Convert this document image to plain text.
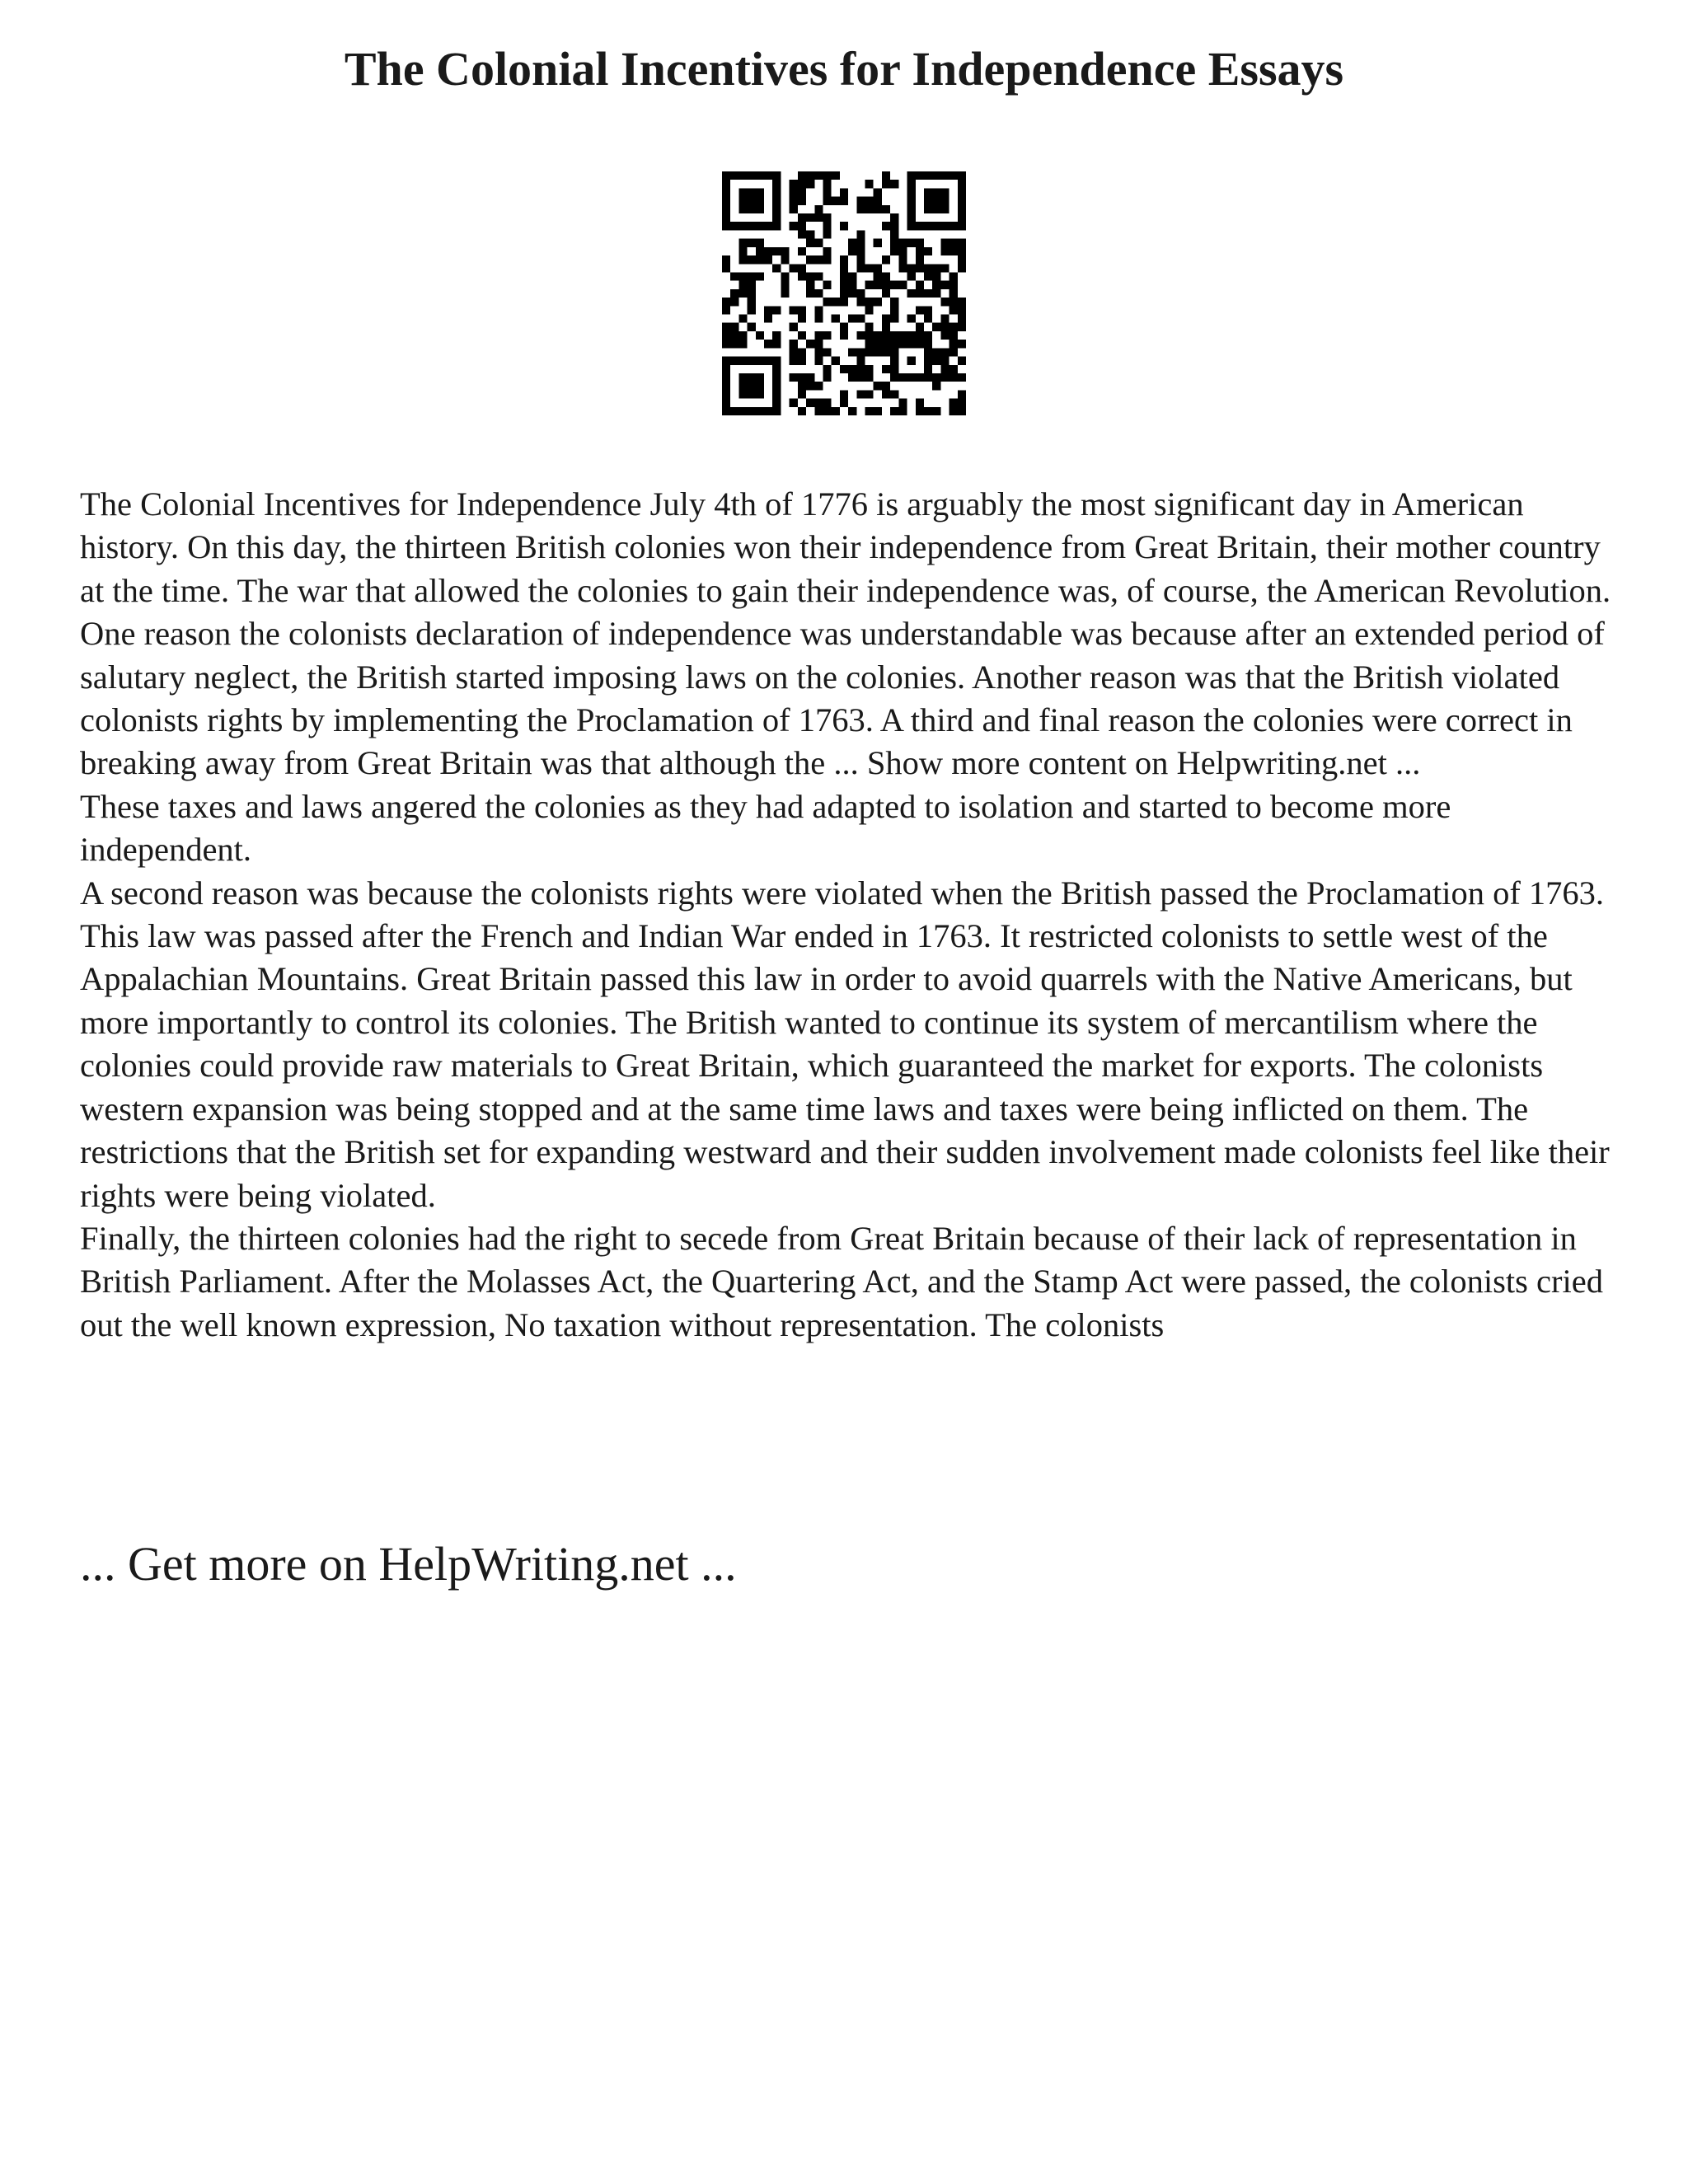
The Colonial Incentives for Independence Essays

The Colonial Incentives for Independence July 4th of 1776 is arguably the most significant day in American history. On this day, the thirteen British colonies won their independence from Great Britain, their mother country at the time. The war that allowed the colonies to gain their independence was, of course, the American Revolution. One reason the colonists declaration of independence was understandable was because after an extended period of salutary neglect, the British started imposing laws on the colonies. Another reason was that the British violated colonists rights by implementing the Proclamation of 1763. A third and final reason the colonies were correct in breaking away from Great Britain was that although the ... Show more content on Helpwriting.net ...

These taxes and laws angered the colonies as they had adapted to isolation and started to become more independent.

A second reason was because the colonists rights were violated when the British passed the Proclamation of 1763. This law was passed after the French and Indian War ended in 1763. It restricted colonists to settle west of the Appalachian Mountains. Great Britain passed this law in order to avoid quarrels with the Native Americans, but more importantly to control its colonies. The British wanted to continue its system of mercantilism where the colonies could provide raw materials to Great Britain, which guaranteed the market for exports. The colonists western expansion was being stopped and at the same time laws and taxes were being inflicted on them. The restrictions that the British set for expanding westward and their sudden involvement made colonists feel like their rights were being violated.

Finally, the thirteen colonies had the right to secede from Great Britain because of their lack of representation in British Parliament. After the Molasses Act, the Quartering Act, and the Stamp Act were passed, the colonists cried out the well known expression, No taxation without representation. The colonists

... Get more on HelpWriting.net ...
